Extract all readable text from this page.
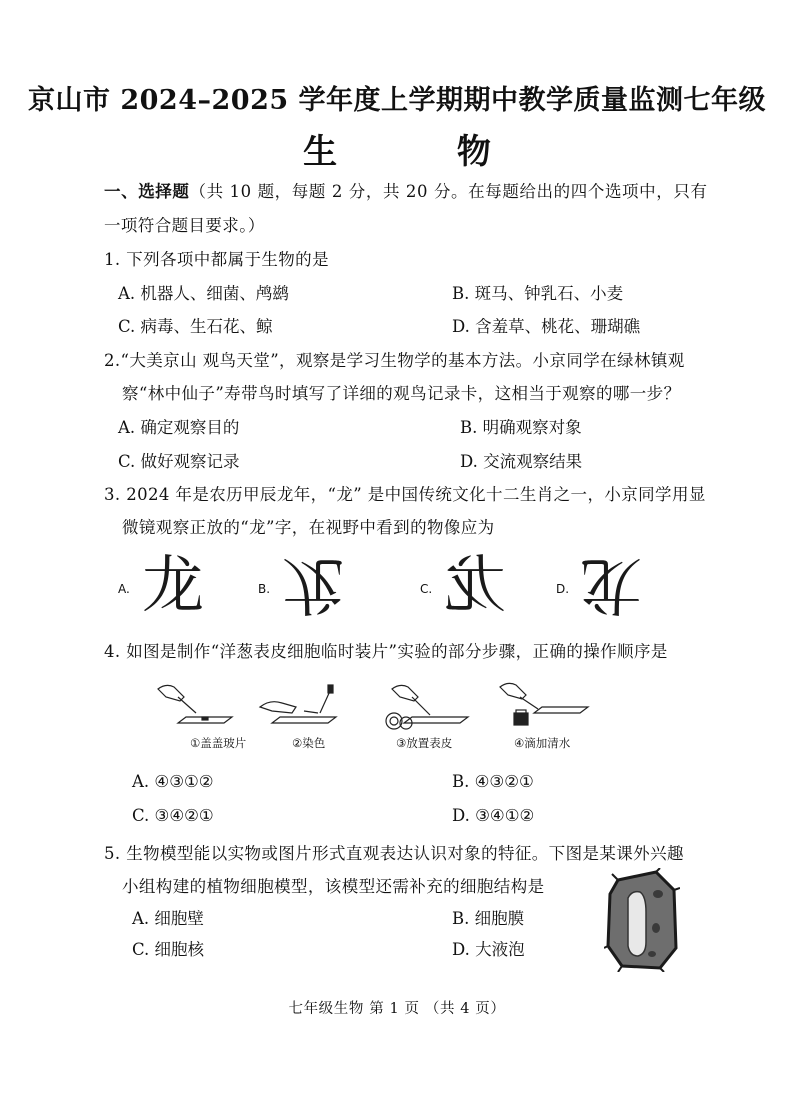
京山市 2024–2025 学年度上学期期中教学质量监测七年级
生 物
一、选择题（共 10 题，每题 2 分，共 20 分。在每题给出的四个选项中，只有
一项符合题目要求。）
1. 下列各项中都属于生物的是
A. 机器人、细菌、鸬鹚	B. 斑马、钟乳石、小麦
C. 病毒、生石花、鲸	D. 含羞草、桃花、珊瑚礁
2.“大美京山 观鸟天堂”，观察是学习生物学的基本方法。小京同学在绿林镇观
察“林中仙子”寿带鸟时填写了详细的观鸟记录卡，这相当于观察的哪一步？
A. 确定观察目的	B. 明确观察对象
C. 做好观察记录	D. 交流观察结果
3. 2024 年是农历甲辰龙年，“龙” 是中国传统文化十二生肖之一，小京同学用显
微镜观察正放的“龙”字，在视野中看到的物像应为
A. 龙	B. 龙	C. 龙	D. 龙
4. 如图是制作“洋葱表皮细胞临时装片”实验的部分步骤，正确的操作顺序是
①盖盖玻片	②染色	③放置表皮	④滴加清水
A. ④③①②	B. ④③②①
C. ③④②①	D. ③④①②
5. 生物模型能以实物或图片形式直观表达认识对象的特征。下图是某课外兴趣
小组构建的植物细胞模型，该模型还需补充的细胞结构是
A. 细胞壁	B. 细胞膜
C. 细胞核	D. 大液泡
七年级生物 第 1 页 （共 4 页）
